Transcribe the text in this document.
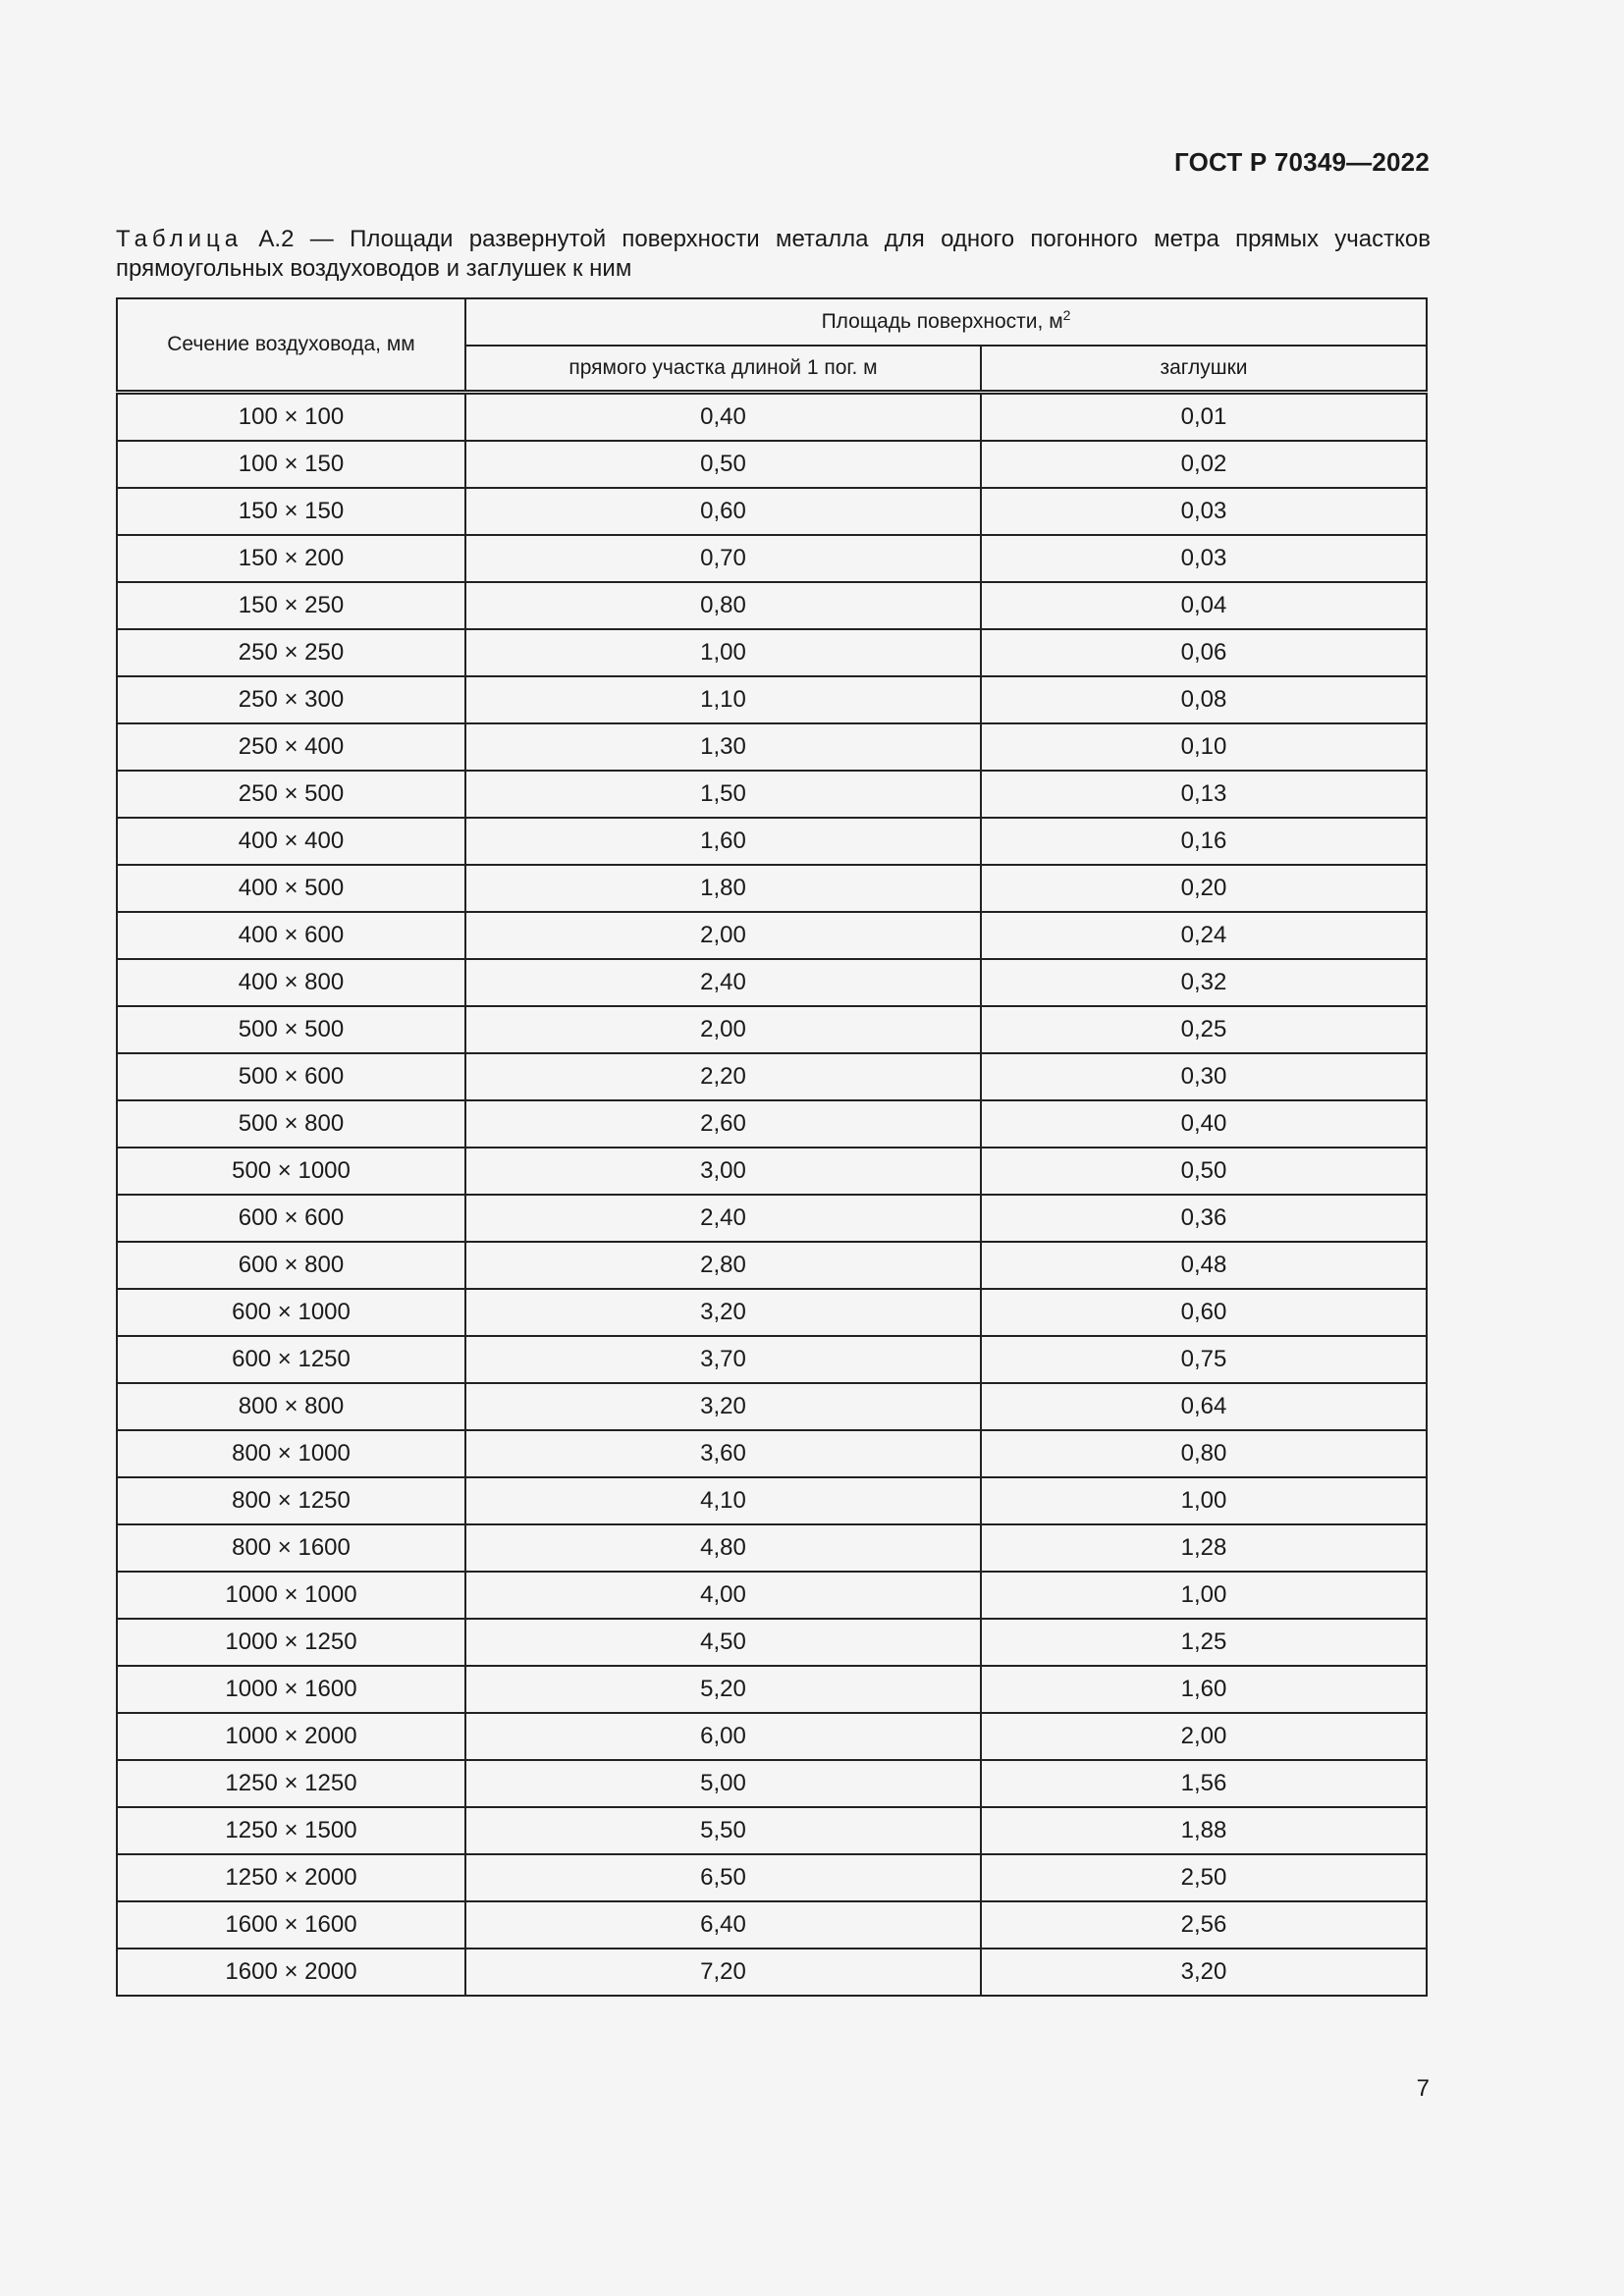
ГОСТ Р 70349—2022
Таблица А.2 — Площади развернутой поверхности металла для одного погонного метра прямых участков прямоугольных воздуховодов и заглушек к ним
Сечение воздуховода, мм	Площадь поверхности, $м^2$
	прямого участка длиной 1 пог. м	заглушки
100 × 100	0,40	0,01
100 × 150	0,50	0,02
150 × 150	0,60	0,03
150 × 200	0,70	0,03
150 × 250	0,80	0,04
250 × 250	1,00	0,06
250 × 300	1,10	0,08
250 × 400	1,30	0,10
250 × 500	1,50	0,13
400 × 400	1,60	0,16
400 × 500	1,80	0,20
400 × 600	2,00	0,24
400 × 800	2,40	0,32
500 × 500	2,00	0,25
500 × 600	2,20	0,30
500 × 800	2,60	0,40
500 × 1000	3,00	0,50
600 × 600	2,40	0,36
600 × 800	2,80	0,48
600 × 1000	3,20	0,60
600 × 1250	3,70	0,75
800 × 800	3,20	0,64
800 × 1000	3,60	0,80
800 × 1250	4,10	1,00
800 × 1600	4,80	1,28
1000 × 1000	4,00	1,00
1000 × 1250	4,50	1,25
1000 × 1600	5,20	1,60
1000 × 2000	6,00	2,00
1250 × 1250	5,00	1,56
1250 × 1500	5,50	1,88
1250 × 2000	6,50	2,50
1600 × 1600	6,40	2,56
1600 × 2000	7,20	3,20
7
